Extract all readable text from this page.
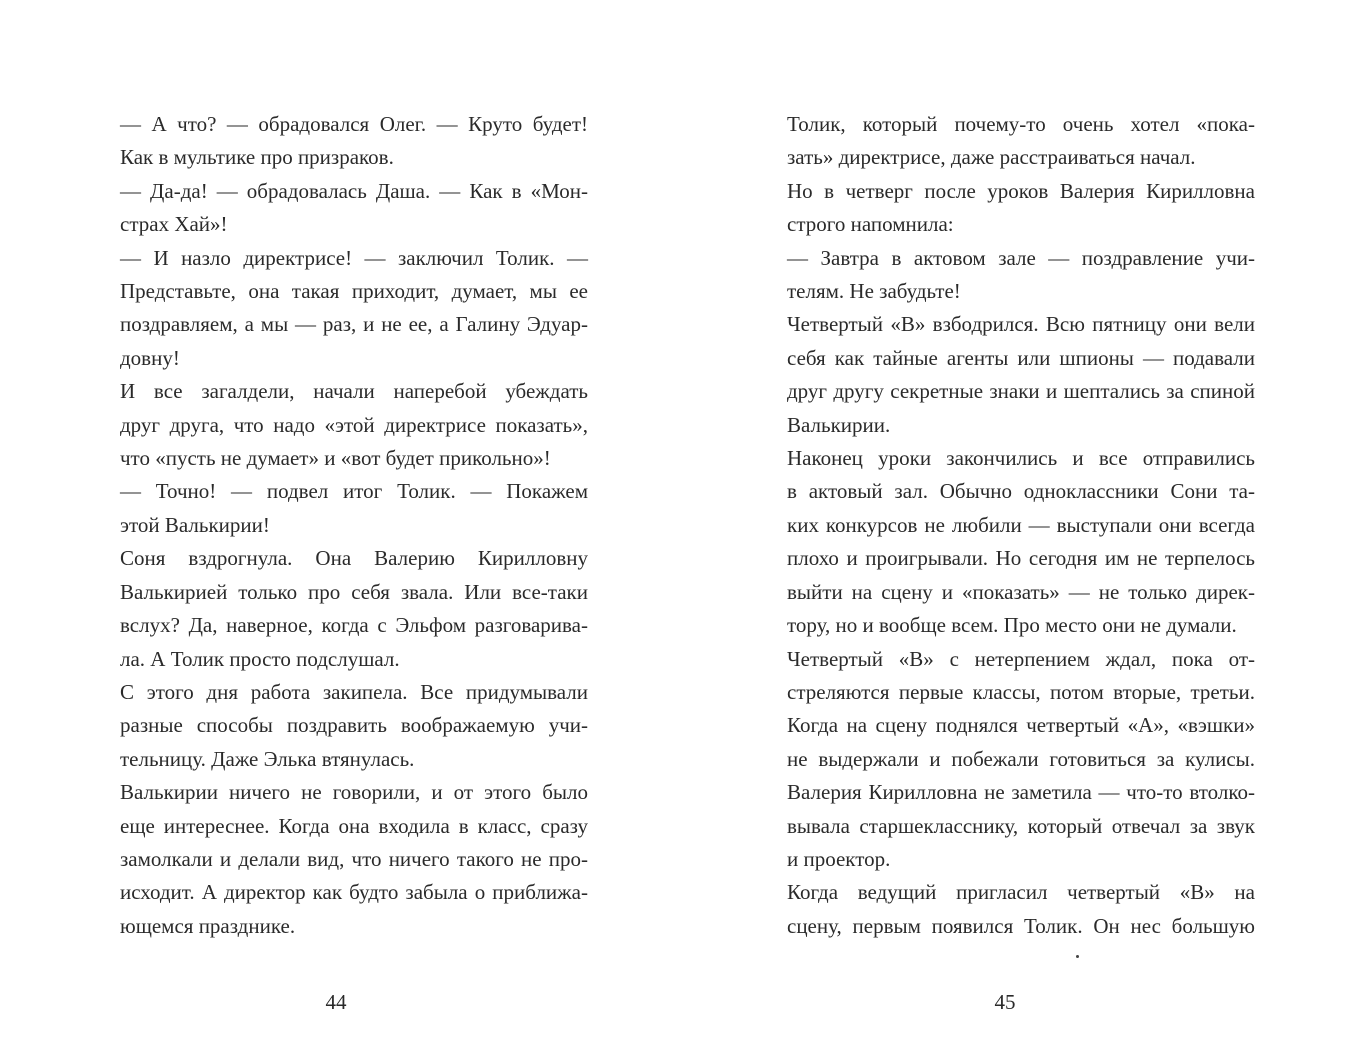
— А что? — обрадовался Олег. — Круто будет!
Как в мультике про призраков.

— Да-да! — обрадовалась Даша. — Как в «Мон-
страх Хай»!

— И назло директрисе! — заключил Толик. —
Представьте, она такая приходит, думает, мы ее
поздравляем, а мы — раз, и не ее, а Галину Эдуар-
довну!

И все загалдели, начали наперебой убеждать
друг друга, что надо «этой директрисе показать»,
что «пусть не думает» и «вот будет прикольно»!

— Точно! — подвел итог Толик. — Покажем
этой Валькирии!

Соня вздрогнула. Она Валерию Кирилловну
Валькирией только про себя звала. Или все-таки
вслух? Да, наверное, когда с Эльфом разговарива-
ла. А Толик просто подслушал.

С этого дня работа закипела. Все придумывали
разные способы поздравить воображаемую учи-
тельницу. Даже Элька втянулась.

Валькирии ничего не говорили, и от этого было
еще интереснее. Когда она входила в класс, сразу
замолкали и делали вид, что ничего такого не про-
исходит. А директор как будто забыла о приближа-
ющемся празднике.

Толик, который почему-то очень хотел «пока-
зать» директрисе, даже расстраиваться начал.

Но в четверг после уроков Валерия Кирилловна
строго напомнила:

— Завтра в актовом зале — поздравление учи-
телям. Не забудьте!

Четвертый «В» взбодрился. Всю пятницу они вели
себя как тайные агенты или шпионы — подавали
друг другу секретные знаки и шептались за спиной
Валькирии.

Наконец уроки закончились и все отправились
в актовый зал. Обычно одноклассники Сони та-
ких конкурсов не любили — выступали они всегда
плохо и проигрывали. Но сегодня им не терпелось
выйти на сцену и «показать» — не только дирек-
тору, но и вообще всем. Про место они не думали.

Четвертый «В» с нетерпением ждал, пока от-
стреляются первые классы, потом вторые, третьи.
Когда на сцену поднялся четвертый «А», «вэшки»
не выдержали и побежали готовиться за кулисы.
Валерия Кирилловна не заметила — что-то втолко-
вывала старшекласснику, который отвечал за звук
и проектор.

Когда ведущий пригласил четвертый «В» на
сцену, первым появился Толик. Он нес большую

44	45
